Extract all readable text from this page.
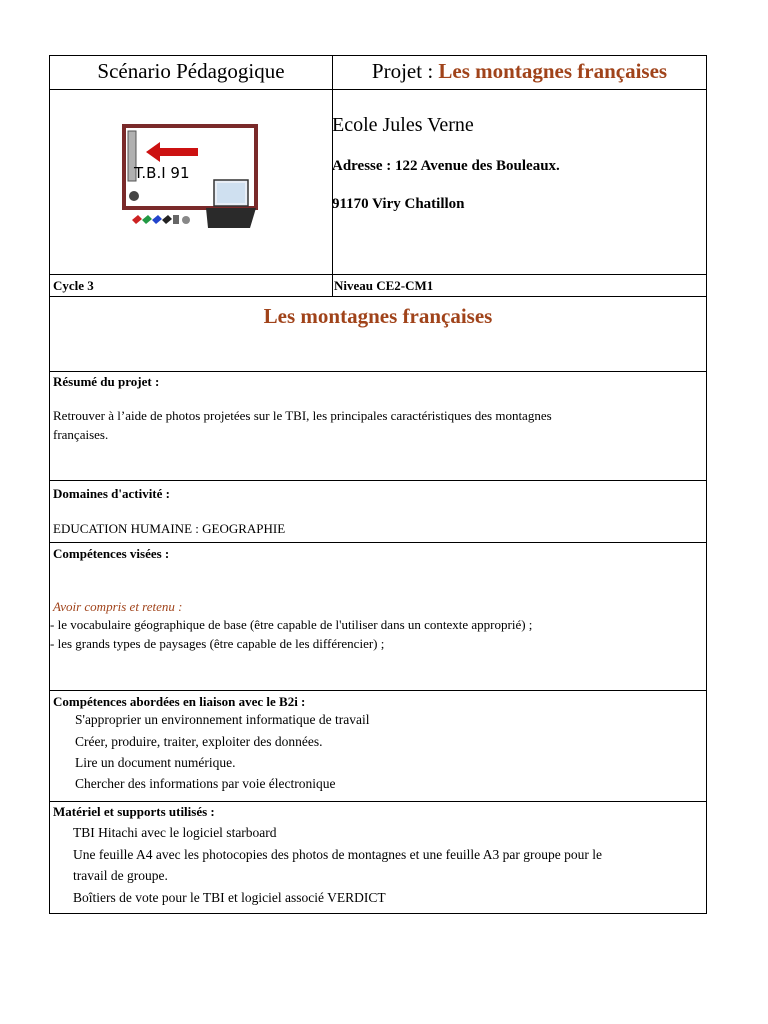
Scénario Pédagogique	Projet : Les montagnes françaises
T.B.I 91
Ecole Jules Verne
Adresse : 122 Avenue des Bouleaux.
91170 Viry Chatillon
Cycle 3	Niveau CE2-CM1
Les montagnes françaises
Résumé du projet :
Retrouver à l’aide de photos projetées sur le TBI, les principales caractéristiques des montagnes
françaises.
Domaines d'activité :
EDUCATION HUMAINE : GEOGRAPHIE
Compétences visées :
Avoir compris et retenu :
- le vocabulaire géographique de base (être capable de l'utiliser dans un contexte approprié) ;
- les grands types de paysages (être capable de les différencier) ;
Compétences abordées en liaison avec le B2i :
S'approprier un environnement informatique de travail
Créer, produire, traiter, exploiter des données.
Lire un document numérique.
Chercher des informations par voie électronique
Matériel et supports utilisés :
TBI Hitachi avec le logiciel starboard
Une feuille A4 avec les photocopies des photos de montagnes et une feuille A3 par groupe pour le
travail de groupe.
Boîtiers de vote pour le TBI et logiciel associé VERDICT
